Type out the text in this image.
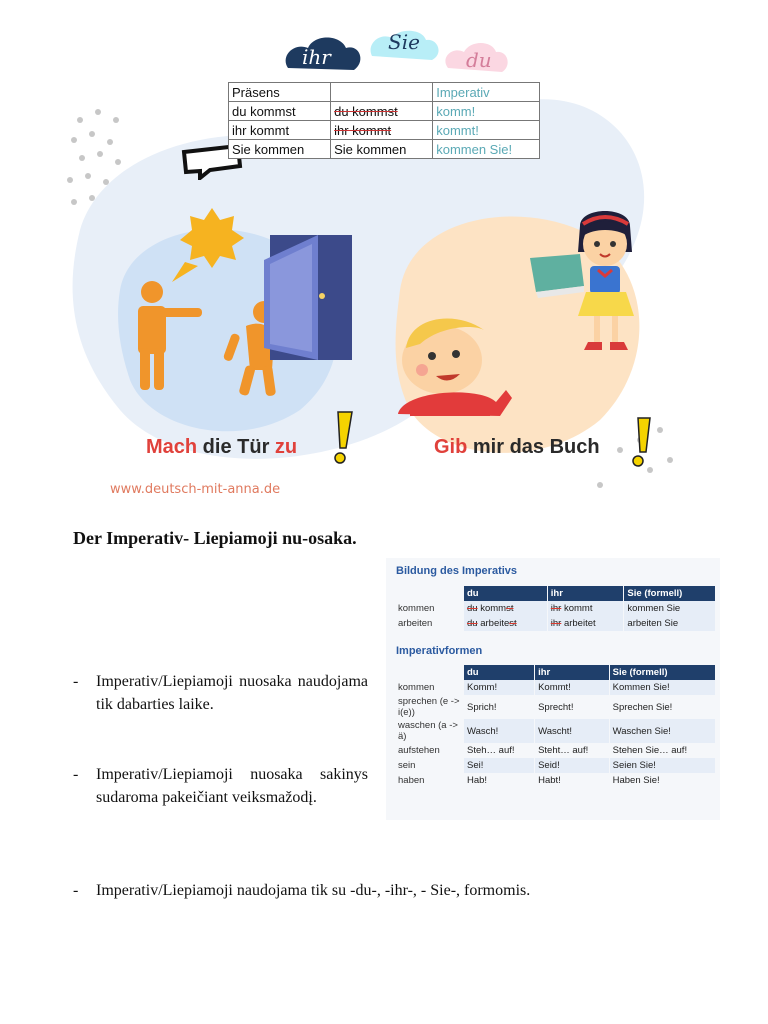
ihr
Sie
du
Präsens		Imperativ
du kommst	du kommst	komm!
ihr kommt	ihr kommt	kommt!
Sie kommen	Sie kommen	kommen Sie!
Mach die Tür zu	Gib mir das Buch
www.deutsch-mit-anna.de
Der Imperativ- Liepiamoji nu-osaka.
-	Imperativ/Liepiamoji nuosaka naudojama tik dabarties laike.
-	Imperativ/Liepiamoji nuosaka sakinys sudaroma pakeičiant veiksmažodį.
-	Imperativ/Liepiamoji naudojama tik su -du-, -ihr-, - Sie-, formomis.
Bildung des Imperativs
	du	ihr	Sie (formell)
kommen	du kommst	ihr kommt	kommen Sie
arbeiten	du arbeitest	ihr arbeitet	arbeiten Sie
Imperativformen
	du	ihr	Sie (formell)
kommen	Komm!	Kommt!	Kommen Sie!
sprechen (e -> i(e))	Sprich!	Sprecht!	Sprechen Sie!
waschen (a -> ä)	Wasch!	Wascht!	Waschen Sie!
aufstehen	Steh… auf!	Steht… auf!	Stehen Sie… auf!
sein	Sei!	Seid!	Seien Sie!
haben	Hab!	Habt!	Haben Sie!
